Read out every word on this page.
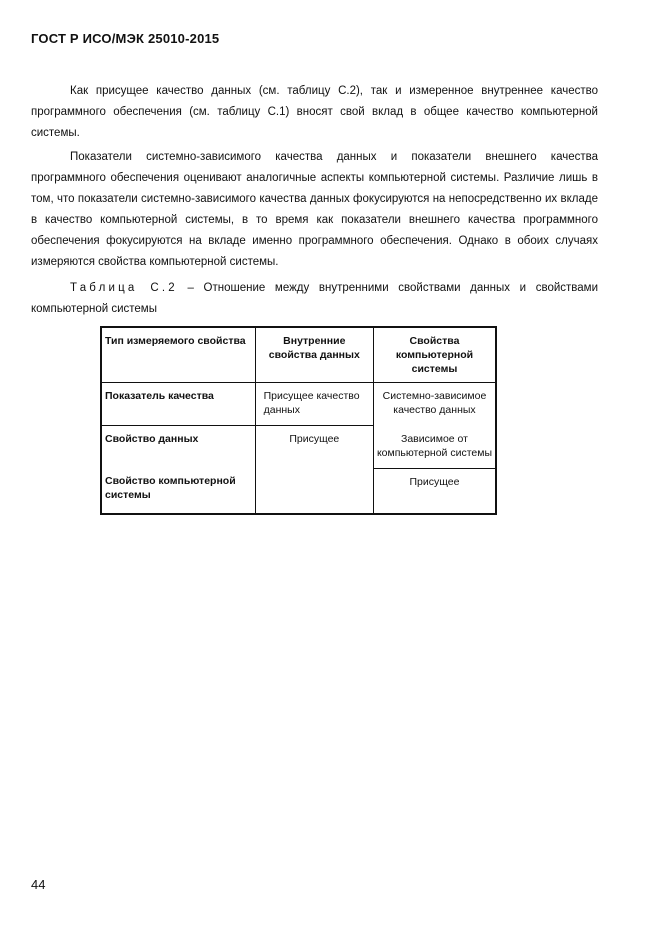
ГОСТ Р ИСО/МЭК 25010-2015
Как присущее качество данных (см. таблицу С.2), так и измеренное внутреннее качество программного обеспечения (см. таблицу С.1) вносят свой вклад в общее качество компьютерной системы.
Показатели системно-зависимого качества данных и показатели внешнего качества программного обеспечения оценивают аналогичные аспекты компьютерной системы. Различие лишь в том, что показатели системно-зависимого качества данных фокусируются на непосредственно их вкладе в качество компьютерной системы, в то время как показатели внешнего качества программного обеспечения фокусируются на вкладе именно программного обеспечения. Однако в обоих случаях измеряются свойства компьютерной системы.
Таблица С.2 – Отношение между внутренними свойствами данных и свойствами компьютерной системы
Тип измеряемого свойства	Внутренние свойства данных	Свойства компьютерной системы
Показатель качества	Присущее качество данных	Системно-зависимое качество данных
Свойство данных	Присущее	Зависимое от компьютерной системы
Свойство компьютерной системы		Присущее
44
